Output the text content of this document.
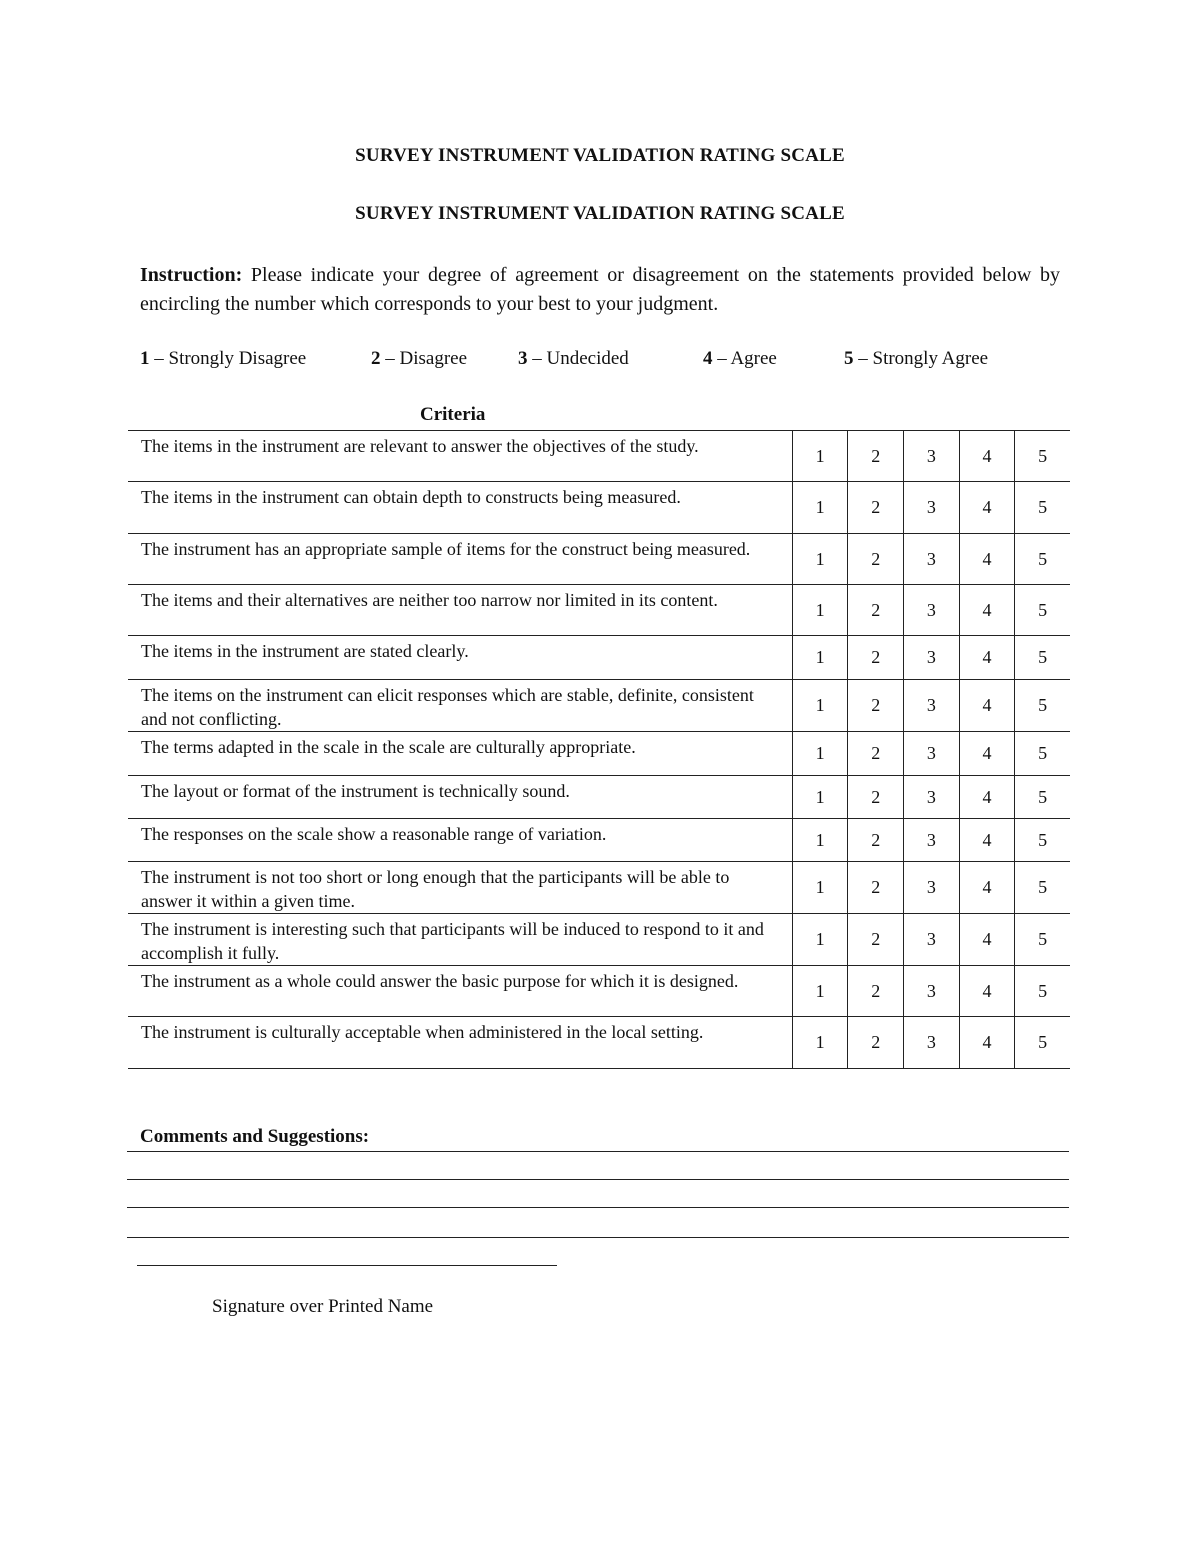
SURVEY INSTRUMENT VALIDATION RATING SCALE
SURVEY INSTRUMENT VALIDATION RATING SCALE
Instruction: Please indicate your degree of agreement or disagreement on the statements provided below by encircling the number which corresponds to your best to your judgment.
1 – Strongly Disagree	2 – Disagree	3 – Undecided	4 – Agree	5 – Strongly Agree
Criteria
The items in the instrument are relevant to answer the objectives of the study.	1	2	3	4	5
The items in the instrument can obtain depth to constructs being measured.	1	2	3	4	5
The instrument has an appropriate sample of items for the construct being measured.	1	2	3	4	5
The items and their alternatives are neither too narrow nor limited in its content.	1	2	3	4	5
The items in the instrument are stated clearly.	1	2	3	4	5
The items on the instrument can elicit responses which are stable, definite, consistent and not conflicting.	1	2	3	4	5
The terms adapted in the scale in the scale are culturally appropriate.	1	2	3	4	5
The layout or format of the instrument is technically sound.	1	2	3	4	5
The responses on the scale show a reasonable range of variation.	1	2	3	4	5
The instrument is not too short or long enough that the participants will be able to answer it within a given time.	1	2	3	4	5
The instrument is interesting such that participants will be induced to respond to it and accomplish it fully.	1	2	3	4	5
The instrument as a whole could answer the basic purpose for which it is designed.	1	2	3	4	5
The instrument is culturally acceptable when administered in the local setting.	1	2	3	4	5
Comments and Suggestions:
Signature over Printed Name
